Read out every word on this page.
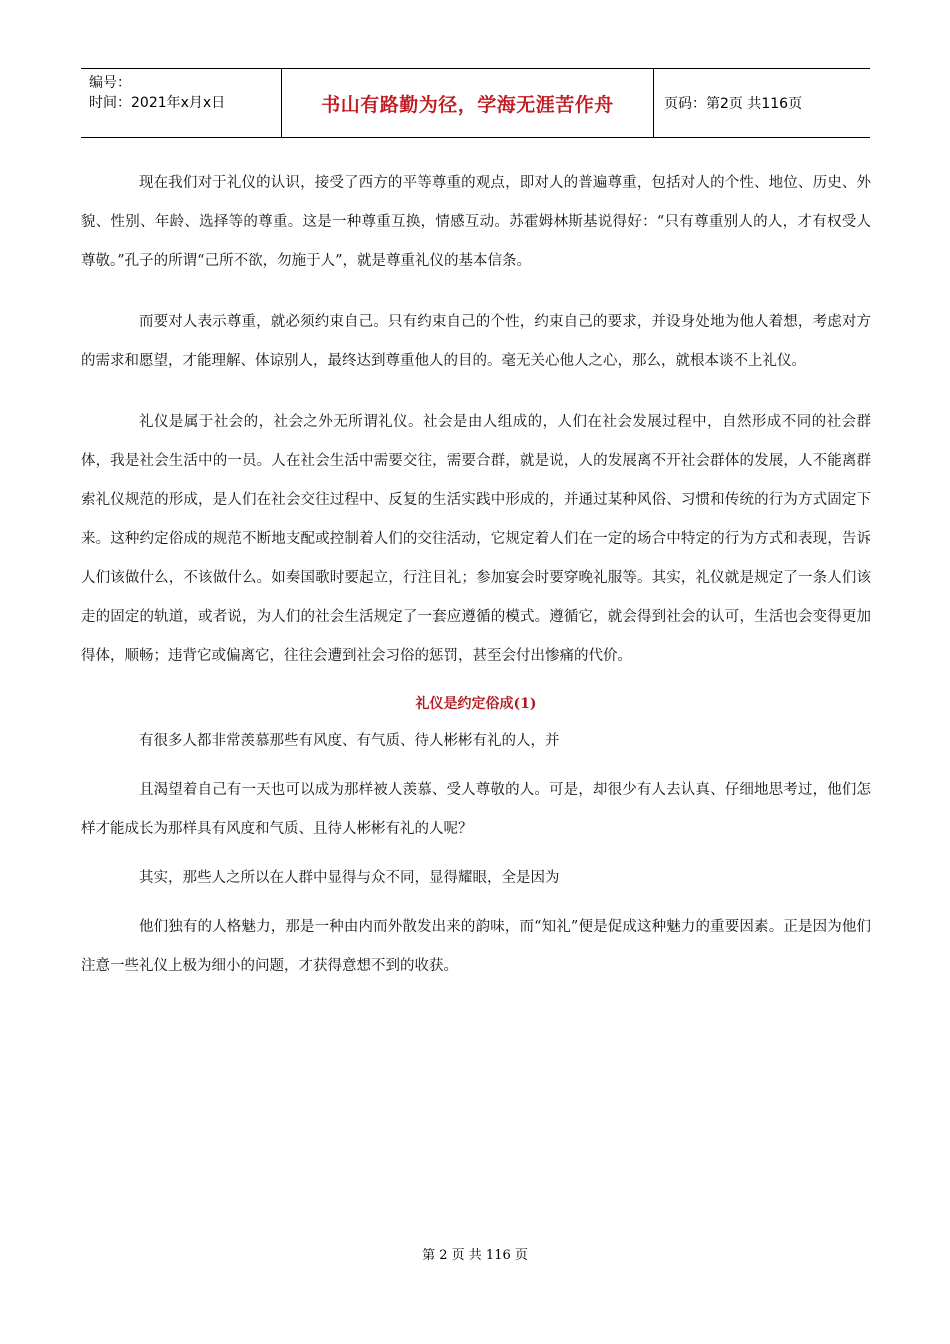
编号：
时间：2021年x月x日	书山有路勤为径，学海无涯苦作舟	页码：第2页 共116页

现在我们对于礼仪的认识，接受了西方的平等尊重的观点，即对人的普遍尊重，包括对人的个性、地位、历史、外貌、性别、年龄、选择等的尊重。这是一种尊重互换，情感互动。苏霍姆林斯基说得好：“只有尊重别人的人，才有权受人尊敬。”孔子的所谓“己所不欲，勿施于人”，就是尊重礼仪的基本信条。

而要对人表示尊重，就必须约束自己。只有约束自己的个性，约束自己的要求，并设身处地为他人着想，考虑对方的需求和愿望，才能理解、体谅别人，最终达到尊重他人的目的。毫无关心他人之心，那么，就根本谈不上礼仪。

礼仪是属于社会的，社会之外无所谓礼仪。社会是由人组成的，人们在社会发展过程中，自然形成不同的社会群体，我是社会生活中的一员。人在社会生活中需要交往，需要合群，就是说，人的发展离不开社会群体的发展，人不能离群索礼仪规范的形成，是人们在社会交往过程中、反复的生活实践中形成的，并通过某种风俗、习惯和传统的行为方式固定下来。这种约定俗成的规范不断地支配或控制着人们的交往活动，它规定着人们在一定的场合中特定的行为方式和表现，告诉人们该做什么，不该做什么。如奏国歌时要起立，行注目礼；参加宴会时要穿晚礼服等。其实，礼仪就是规定了一条人们该走的固定的轨道，或者说，为人们的社会生活规定了一套应遵循的模式。遵循它，就会得到社会的认可，生活也会变得更加得体，顺畅；违背它或偏离它，往往会遭到社会习俗的惩罚，甚至会付出惨痛的代价。

礼仪是约定俗成(1)

有很多人都非常羡慕那些有风度、有气质、待人彬彬有礼的人，并

且渴望着自己有一天也可以成为那样被人羡慕、受人尊敬的人。可是，却很少有人去认真、仔细地思考过，他们怎样才能成长为那样具有风度和气质、且待人彬彬有礼的人呢？

其实，那些人之所以在人群中显得与众不同，显得耀眼，全是因为

他们独有的人格魅力，那是一种由内而外散发出来的韵味，而“知礼”便是促成这种魅力的重要因素。正是因为他们注意一些礼仪上极为细小的问题，才获得意想不到的收获。

第 2 页 共 116 页
